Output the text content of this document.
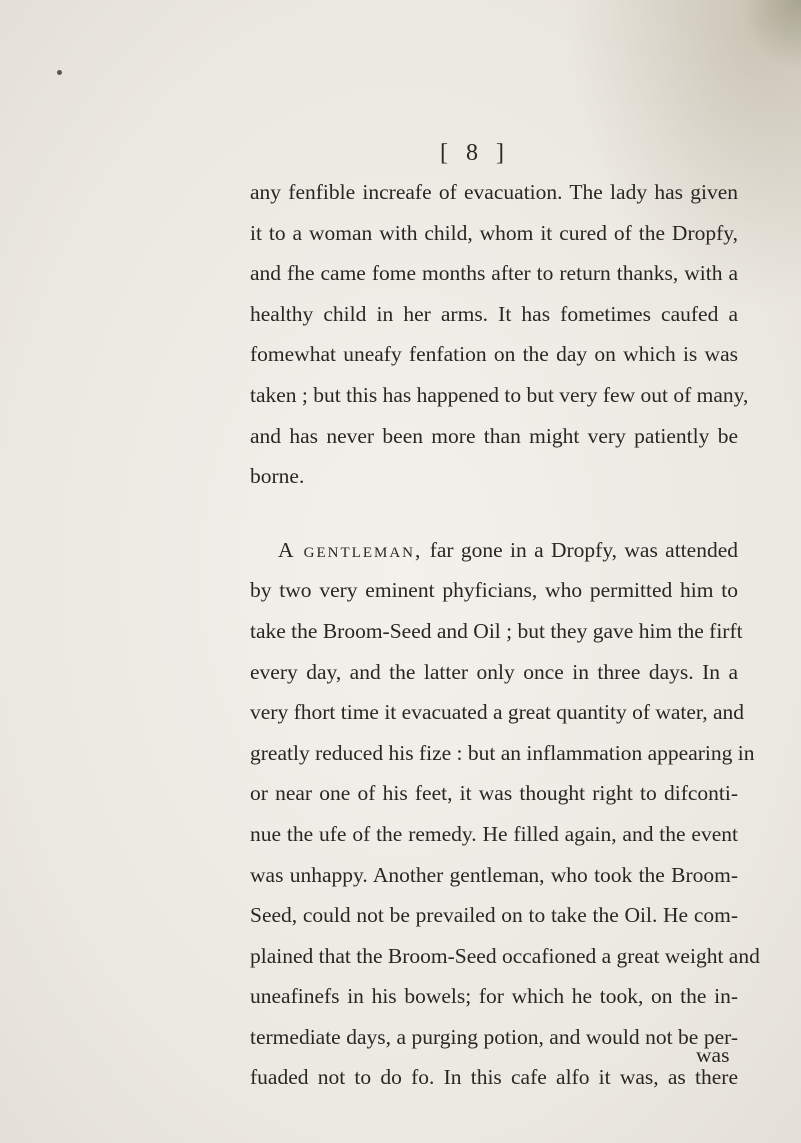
[ 8 ]
any fenfible increafe of evacuation. The lady has given
it to a woman with child, whom it cured of the Dropfy,
and fhe came fome months after to return thanks, with a
healthy child in her arms. It has fometimes caufed a
fomewhat uneafy fenfation on the day on which is was
taken ; but this has happened to but very few out of many,
and has never been more than might very patiently be
borne.
A gentleman, far gone in a Dropfy, was attended
by two very eminent phyficians, who permitted him to
take the Broom-Seed and Oil ; but they gave him the firft
every day, and the latter only once in three days. In a
very fhort time it evacuated a great quantity of water, and
greatly reduced his fize : but an inflammation appearing in
or near one of his feet, it was thought right to difconti-
nue the ufe of the remedy. He filled again, and the event
was unhappy. Another gentleman, who took the Broom-
Seed, could not be prevailed on to take the Oil. He com-
plained that the Broom-Seed occafioned a great weight and
uneafinefs in his bowels; for which he took, on the in-
termediate days, a purging potion, and would not be per-
fuaded not to do fo. In this cafe alfo it was, as there
was
